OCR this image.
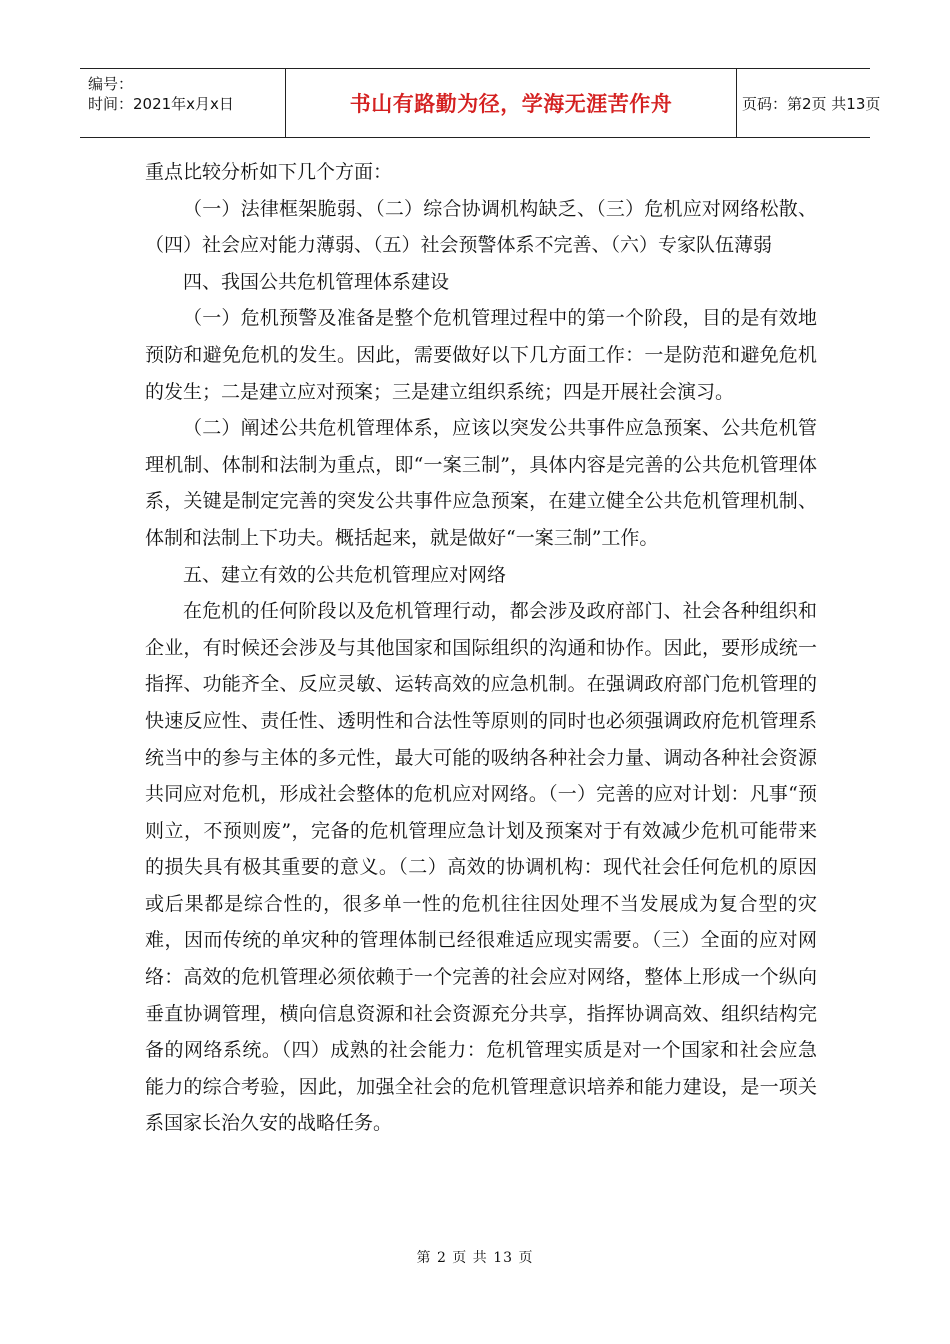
编号：
时间：2021年x月x日	书山有路勤为径，学海无涯苦作舟	页码：第2页 共13页

重点比较分析如下几个方面：

（一）法律框架脆弱、（二）综合协调机构缺乏、（三）危机应对网络松散、（四）社会应对能力薄弱、（五）社会预警体系不完善、（六）专家队伍薄弱

四、我国公共危机管理体系建设

（一）危机预警及准备是整个危机管理过程中的第一个阶段，目的是有效地预防和避免危机的发生。因此，需要做好以下几方面工作：一是防范和避免危机的发生；二是建立应对预案；三是建立组织系统；四是开展社会演习。

（二）阐述公共危机管理体系，应该以突发公共事件应急预案、公共危机管理机制、体制和法制为重点，即“一案三制”，具体内容是完善的公共危机管理体系，关键是制定完善的突发公共事件应急预案，在建立健全公共危机管理机制、体制和法制上下功夫。概括起来，就是做好“一案三制”工作。

五、建立有效的公共危机管理应对网络

在危机的任何阶段以及危机管理行动，都会涉及政府部门、社会各种组织和企业，有时候还会涉及与其他国家和国际组织的沟通和协作。因此，要形成统一指挥、功能齐全、反应灵敏、运转高效的应急机制。在强调政府部门危机管理的快速反应性、责任性、透明性和合法性等原则的同时也必须强调政府危机管理系统当中的参与主体的多元性，最大可能的吸纳各种社会力量、调动各种社会资源共同应对危机，形成社会整体的危机应对网络。（一）完善的应对计划：凡事“预则立，不预则废”，完备的危机管理应急计划及预案对于有效减少危机可能带来的损失具有极其重要的意义。（二）高效的协调机构：现代社会任何危机的原因或后果都是综合性的，很多单一性的危机往往因处理不当发展成为复合型的灾难，因而传统的单灾种的管理体制已经很难适应现实需要。（三）全面的应对网络：高效的危机管理必须依赖于一个完善的社会应对网络，整体上形成一个纵向垂直协调管理，横向信息资源和社会资源充分共享，指挥协调高效、组织结构完备的网络系统。（四）成熟的社会能力：危机管理实质是对一个国家和社会应急能力的综合考验，因此，加强全社会的危机管理意识培养和能力建设，是一项关系国家长治久安的战略任务。

第 2 页 共 13 页
